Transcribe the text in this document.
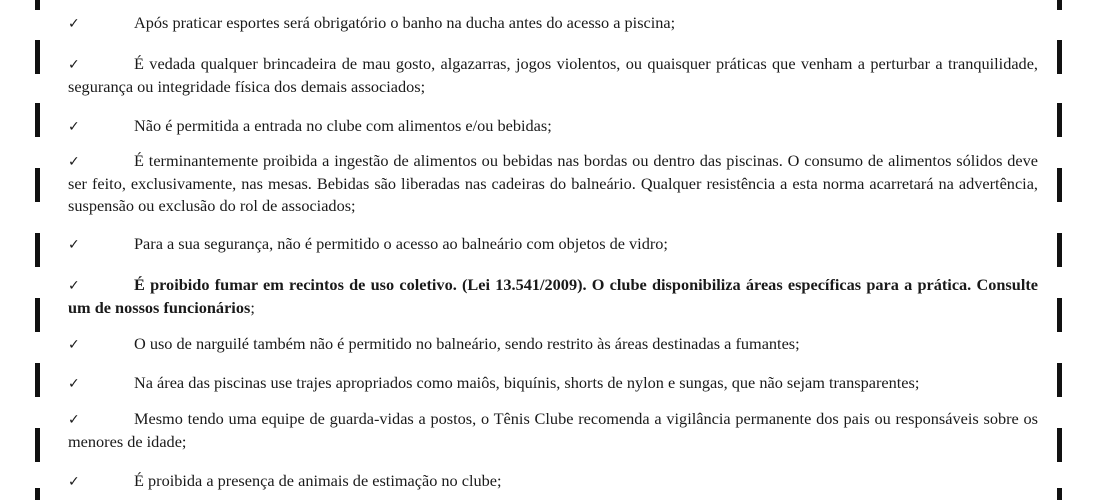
✓	Após praticar esportes será obrigatório o banho na ducha antes do acesso a piscina;
✓	É vedada qualquer brincadeira de mau gosto, algazarras, jogos violentos, ou quaisquer práticas que venham a perturbar a tranquilidade, segurança ou integridade física dos demais associados;
✓	Não é permitida a entrada no clube com alimentos e/ou bebidas;
✓	É terminantemente proibida a ingestão de alimentos ou bebidas nas bordas ou dentro das piscinas. O consumo de alimentos sólidos deve ser feito, exclusivamente, nas mesas. Bebidas são liberadas nas cadeiras do balneário. Qualquer resistência a esta norma acarretará na advertência, suspensão ou exclusão do rol de associados;
✓	Para a sua segurança, não é permitido o acesso ao balneário com objetos de vidro;
✓	É proibido fumar em recintos de uso coletivo. (Lei 13.541/2009). O clube disponibiliza áreas específicas para a prática. Consulte um de nossos funcionários;
✓	O uso de narguilé também não é permitido no balneário, sendo restrito às áreas destinadas a fumantes;
✓	Na área das piscinas use trajes apropriados como maiôs, biquínis, shorts de nylon e sungas, que não sejam transparentes;
✓	Mesmo tendo uma equipe de guarda-vidas a postos, o Tênis Clube recomenda a vigilância permanente dos pais ou responsáveis sobre os menores de idade;
✓	É proibida a presença de animais de estimação no clube;
